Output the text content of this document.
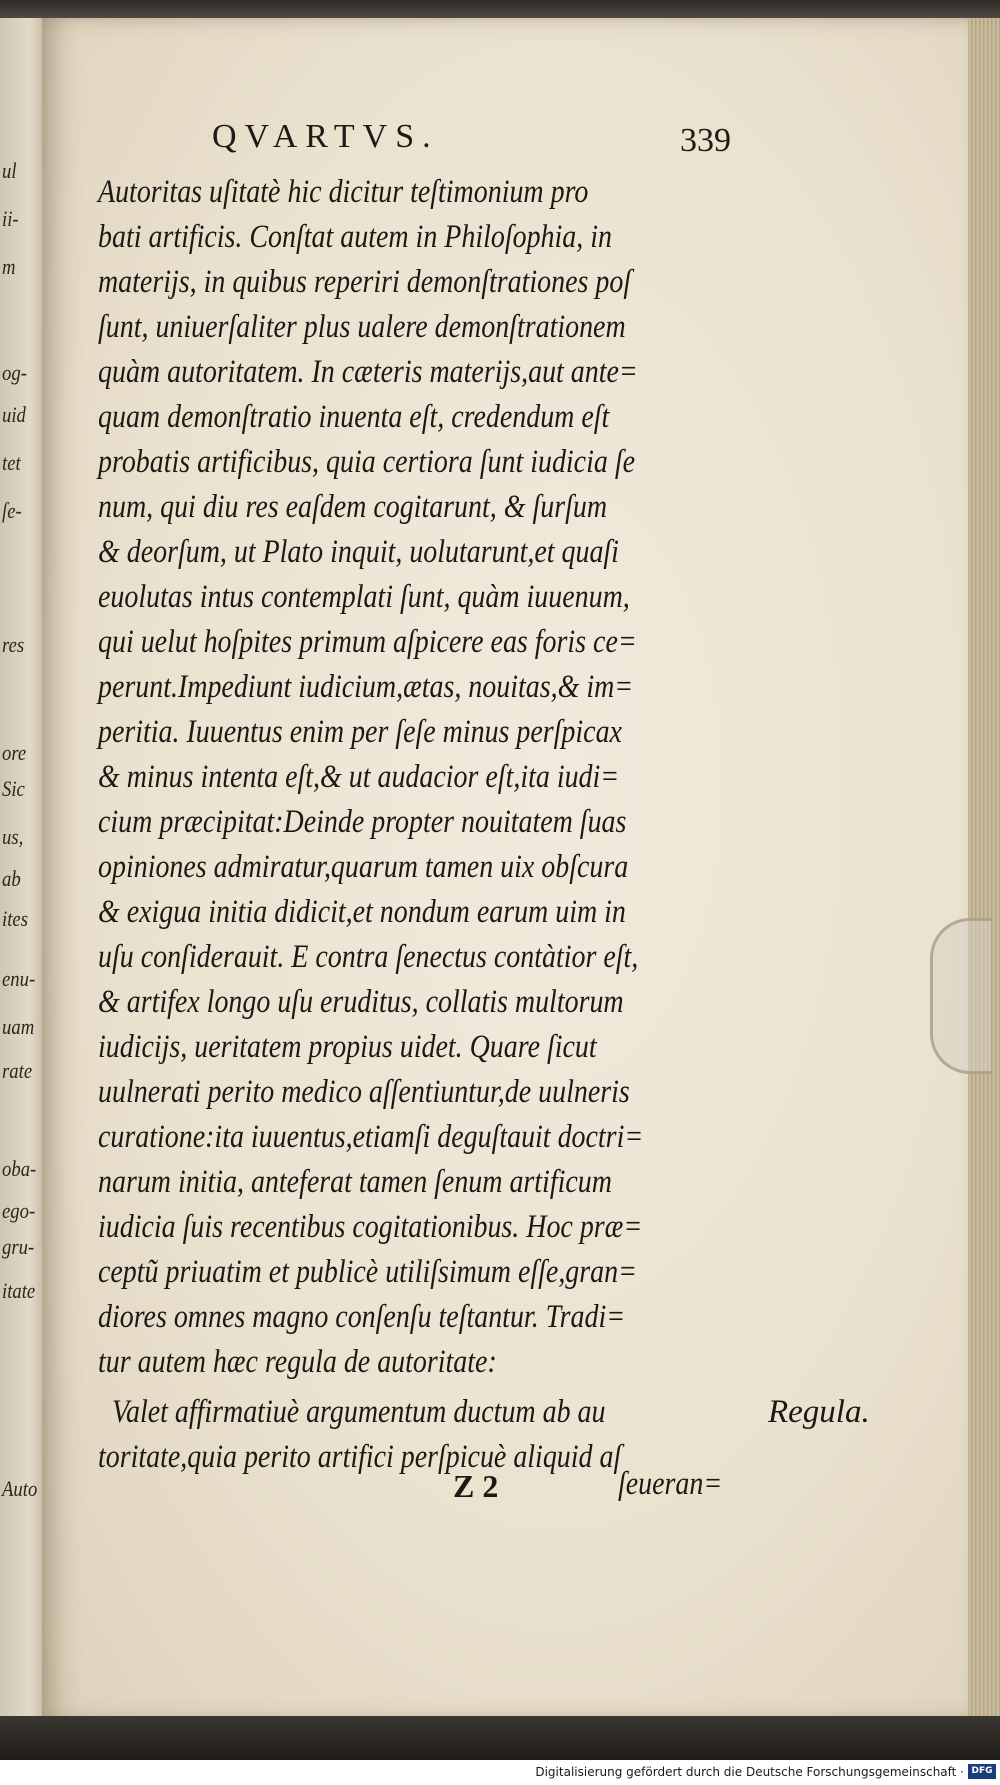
ul
ii-
m
og-
uid
tet
ſe-
res
ore
Sic
us,
ab
ites
enu-
uam
rate
oba-
ego-
gru-
itate
Auto
QVARTVS.	339
Autoritas uſitatè hic dicitur teſtimonium pro
bati artificis. Conſtat autem in Philoſophia, in
materijs, in quibus reperiri demonſtrationes poſ
ſunt, uniuerſaliter plus ualere demonſtrationem
quàm autoritatem. In cæteris materijs,aut ante=
quam demonſtratio inuenta eſt, credendum eſt
probatis artificibus, quia certiora ſunt iudicia ſe
num, qui diu res eaſdem cogitarunt, & ſurſum
& deorſum, ut Plato inquit, uolutarunt,et quaſi
euolutas intus contemplati ſunt, quàm iuuenum,
qui uelut hoſpites primum aſpicere eas foris ce=
perunt.Impediunt iudicium,ætas, nouitas,& im=
peritia. Iuuentus enim per ſeſe minus perſpicax
& minus intenta eſt,& ut audacior eſt,ita iudi=
cium præcipitat:Deinde propter nouitatem ſuas
opiniones admiratur,quarum tamen uix obſcura
& exigua initia didicit,et nondum earum uim in
uſu conſiderauit. E contra ſenectus contàtior eſt,
& artifex longo uſu eruditus, collatis multorum
iudicijs, ueritatem propius uidet. Quare ſicut
uulnerati perito medico aſſentiuntur,de uulneris
curatione:ita iuuentus,etiamſi deguſtauit doctri=
narum initia, anteferat tamen ſenum artificum
iudicia ſuis recentibus cogitationibus. Hoc præ=
ceptũ priuatim et publicè utiliſsimum eſſe,gran=
diores omnes magno conſenſu teſtantur. Tradi=
tur autem hæc regula de autoritate:
Valet affirmatiuè argumentum ductum ab au
toritate,quia perito artifici perſpicuè aliquid aſ
Regula.
Z 2	ſeueran=
Digitalisierung gefördert durch die Deutsche Forschungsgemeinschaft · DFG
